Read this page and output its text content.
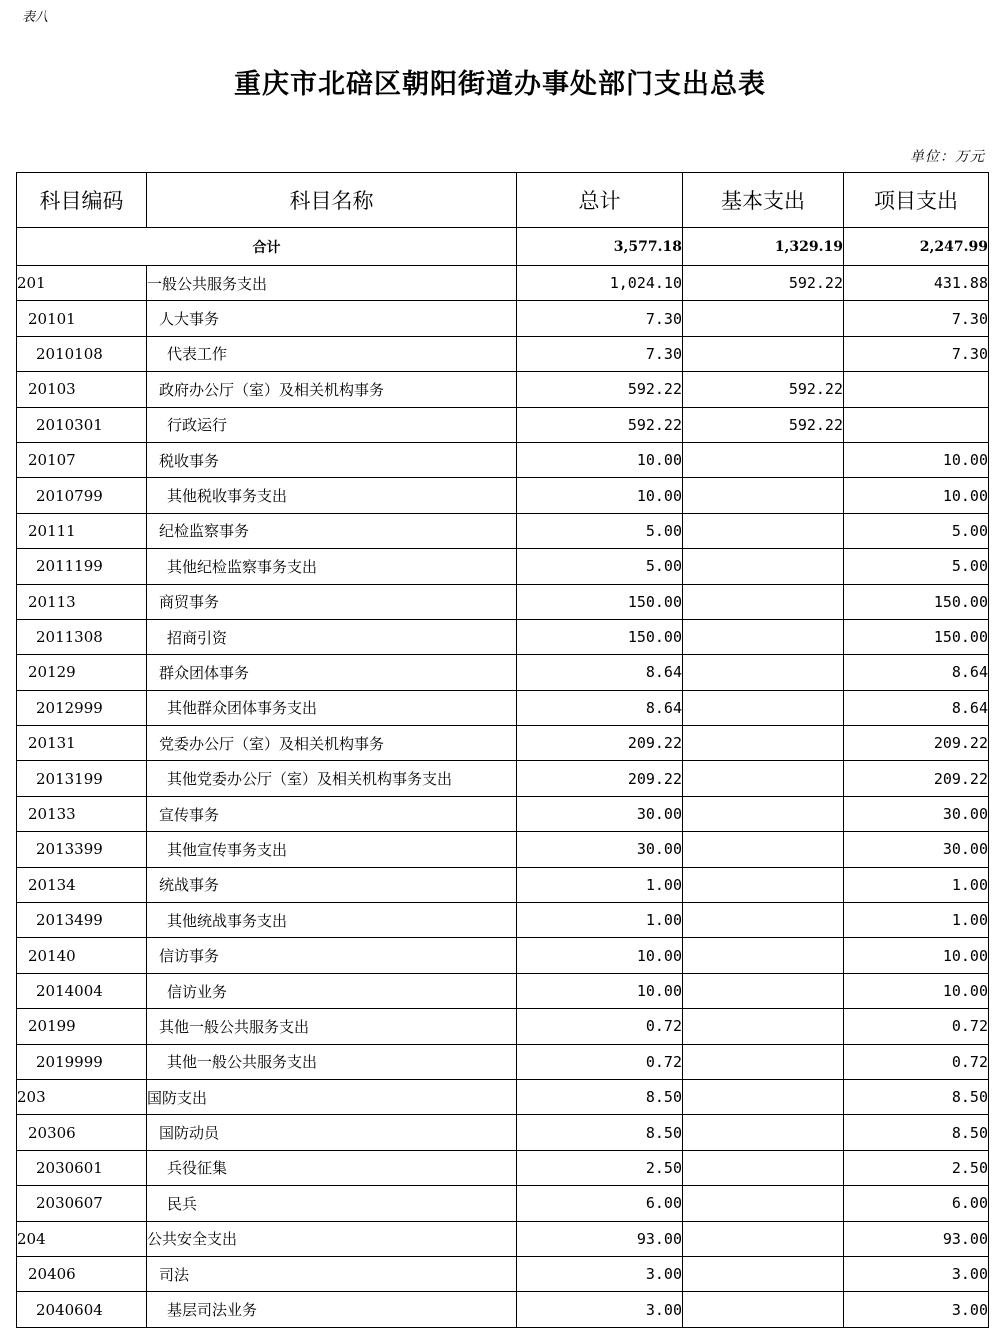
表八
重庆市北碚区朝阳街道办事处部门支出总表
单位：万元
科目编码	科目名称	总计	基本支出	项目支出
合计		3,577.18	1,329.19	2,247.99
201	一般公共服务支出	1,024.10	592.22	431.88
20101	人大事务	7.30		7.30
2010108	代表工作	7.30		7.30
20103	政府办公厅（室）及相关机构事务	592.22	592.22	
2010301	行政运行	592.22	592.22	
20107	税收事务	10.00		10.00
2010799	其他税收事务支出	10.00		10.00
20111	纪检监察事务	5.00		5.00
2011199	其他纪检监察事务支出	5.00		5.00
20113	商贸事务	150.00		150.00
2011308	招商引资	150.00		150.00
20129	群众团体事务	8.64		8.64
2012999	其他群众团体事务支出	8.64		8.64
20131	党委办公厅（室）及相关机构事务	209.22		209.22
2013199	其他党委办公厅（室）及相关机构事务支出	209.22		209.22
20133	宣传事务	30.00		30.00
2013399	其他宣传事务支出	30.00		30.00
20134	统战事务	1.00		1.00
2013499	其他统战事务支出	1.00		1.00
20140	信访事务	10.00		10.00
2014004	信访业务	10.00		10.00
20199	其他一般公共服务支出	0.72		0.72
2019999	其他一般公共服务支出	0.72		0.72
203	国防支出	8.50		8.50
20306	国防动员	8.50		8.50
2030601	兵役征集	2.50		2.50
2030607	民兵	6.00		6.00
204	公共安全支出	93.00		93.00
20406	司法	3.00		3.00
2040604	基层司法业务	3.00		3.00
